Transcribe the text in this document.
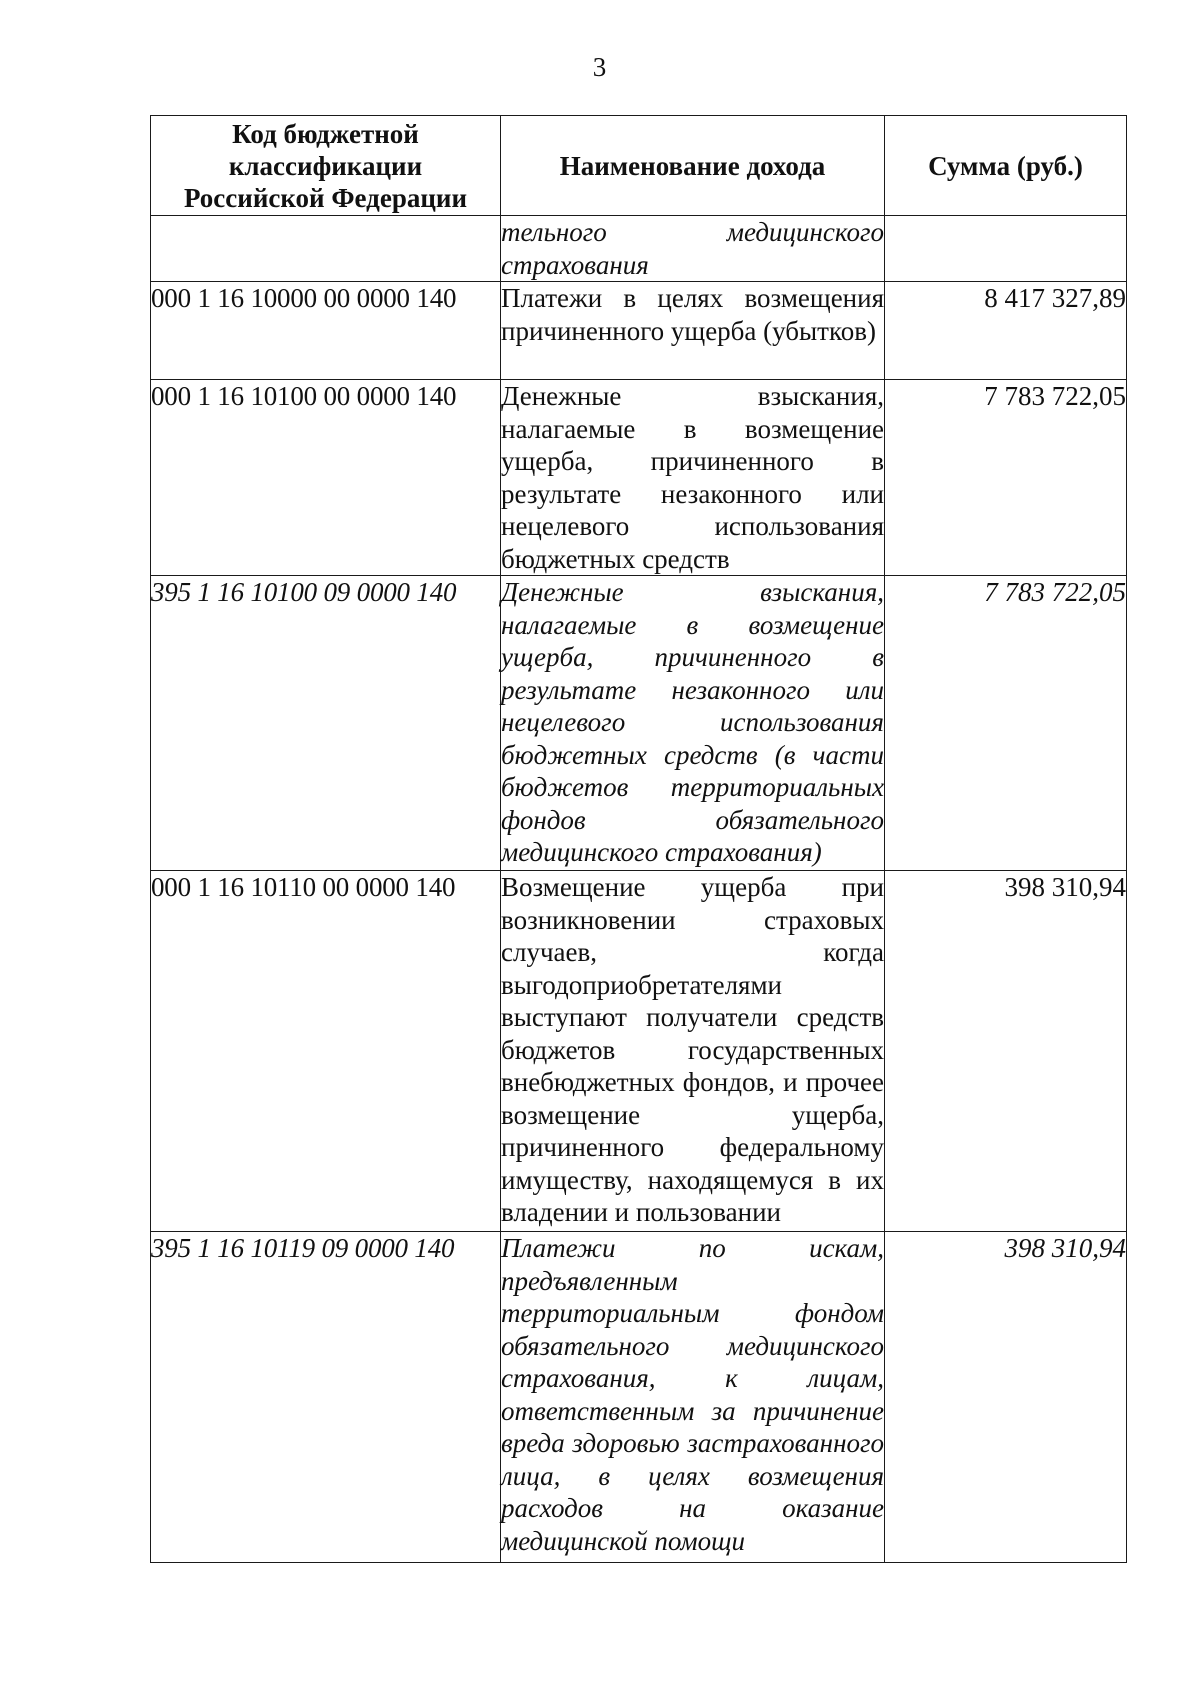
3
Код бюджетной классификации Российской Федерации	Наименование дохода	Сумма (руб.)
	тельного медицинского страхования	
000 1 16 10000 00 0000 140	Платежи в целях возмещения причиненного ущерба (убытков)	8 417 327,89
000 1 16 10100 00 0000 140	Денежные взыскания, налагаемые в возмещение ущерба, причиненного в результате незаконного или нецелевого использования бюджетных средств	7 783 722,05
395 1 16 10100 09 0000 140	Денежные взыскания, налагаемые в возмещение ущерба, причиненного в результате незаконного или нецелевого использования бюджетных средств (в части бюджетов территориальных фондов обязательного медицинского страхования)	7 783 722,05
000 1 16 10110 00 0000 140	Возмещение ущерба при возникновении страховых случаев, когда выгодоприобретателями выступают получатели средств бюджетов государственных внебюджетных фондов, и прочее возмещение ущерба, причиненного федеральному имуществу, находящемуся в их владении и пользовании	398 310,94
395 1 16 10119 09 0000 140	Платежи по искам, предъявленным территориальным фондом обязательного медицинского страхования, к лицам, ответственным за причинение вреда здоровью застрахованного лица, в целях возмещения расходов на оказание медицинской помощи	398 310,94
